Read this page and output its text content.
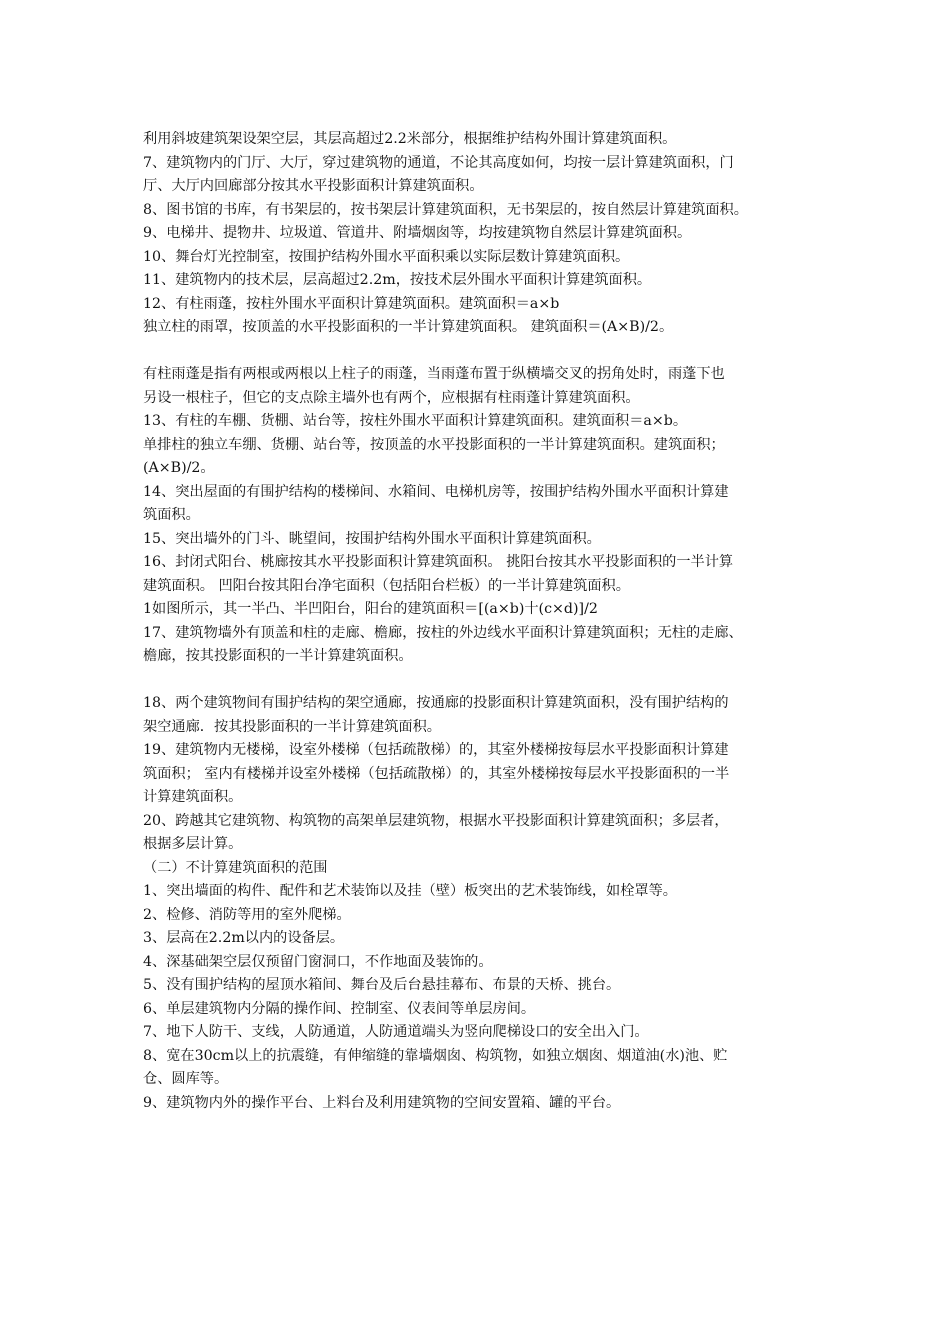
利用斜坡建筑架设架空层，其层高超过2.2米部分，根据维护结构外围计算建筑面积。
7、建筑物内的门厅、大厅，穿过建筑物的通道，不论其高度如何，均按一层计算建筑面积，门
厅、大厅内回廊部分按其水平投影面积计算建筑面积。
8、图书馆的书库，有书架层的，按书架层计算建筑面积，无书架层的，按自然层计算建筑面积。
9、电梯井、提物井、垃圾道、管道井、附墙烟囱等，均按建筑物自然层计算建筑面积。
10、舞台灯光控制室，按围护结构外围水平面积乘以实际层数计算建筑面积。
11、建筑物内的技术层，层高超过2.2m，按技术层外围水平面积计算建筑面积。
12、有柱雨蓬，按柱外围水平面积计算建筑面积。建筑面积＝a×b
独立柱的雨罩，按顶盖的水平投影面积的一半计算建筑面积。 建筑面积＝(A×B)/2。
有柱雨蓬是指有两根或两根以上柱子的雨蓬，当雨蓬布置于纵横墙交叉的拐角处时，雨蓬下也
另设一根柱子，但它的支点除主墙外也有两个，应根据有柱雨蓬计算建筑面积。
13、有柱的车棚、货棚、站台等，按柱外围水平面积计算建筑面积。建筑面积＝a×b。
单排柱的独立车绷、货棚、站台等，按顶盖的水平投影面积的一半计算建筑面积。建筑面积；
(A×B)/2。
14、突出屋面的有围护结构的楼梯间、水箱间、电梯机房等，按围护结构外围水平面积计算建
筑面积。
15、突出墙外的门斗、眺望间，按围护结构外围水平面积计算建筑面积。
16、封闭式阳台、桃廊按其水平投影面积计算建筑面积。 挑阳台按其水平投影面积的一半计算
建筑面积。 凹阳台按其阳台净宅面积（包括阳台栏板）的一半计算建筑面积。
1如图所示，其一半凸、半凹阳台，阳台的建筑面积＝[(a×b)十(c×d)]/2
17、建筑物墙外有顶盖和柱的走廊、檐廊，按柱的外边线水平面积计算建筑面积；无柱的走廊、
檐廊，按其投影面积的一半计算建筑面积。
18、两个建筑物间有围护结构的架空通廊，按通廊的投影面积计算建筑面积，没有围护结构的
架空通廊．按其投影面积的一半计算建筑面积。
19、建筑物内无楼梯，设室外楼梯（包括疏散梯）的，其室外楼梯按每层水平投影面积计算建
筑面积； 室内有楼梯并设室外楼梯（包括疏散梯）的，其室外楼梯按每层水平投影面积的一半
计算建筑面积。
20、跨越其它建筑物、构筑物的高架单层建筑物，根据水平投影面积计算建筑面积；多层者，
根据多层计算。
（二）不计算建筑面积的范围
1、突出墙面的构件、配件和艺术装饰以及挂（壁）板突出的艺术装饰线，如栓罩等。
2、检修、消防等用的室外爬梯。
3、层高在2.2m以内的设备层。
4、深基础架空层仅预留门窗洞口，不作地面及装饰的。
5、没有围护结构的屋顶水箱间、舞台及后台悬挂幕布、布景的天桥、挑台。
6、单层建筑物内分隔的操作间、控制室、仪表间等单层房间。
7、地下人防干、支线，人防通道，人防通道端头为竖向爬梯设口的安全出入门。
8、宽在30cm以上的抗震缝，有伸缩缝的靠墙烟囱、构筑物，如独立烟囱、烟道油(水)池、贮
仓、圆库等。
9、建筑物内外的操作平台、上料台及利用建筑物的空间安置箱、罐的平台。
